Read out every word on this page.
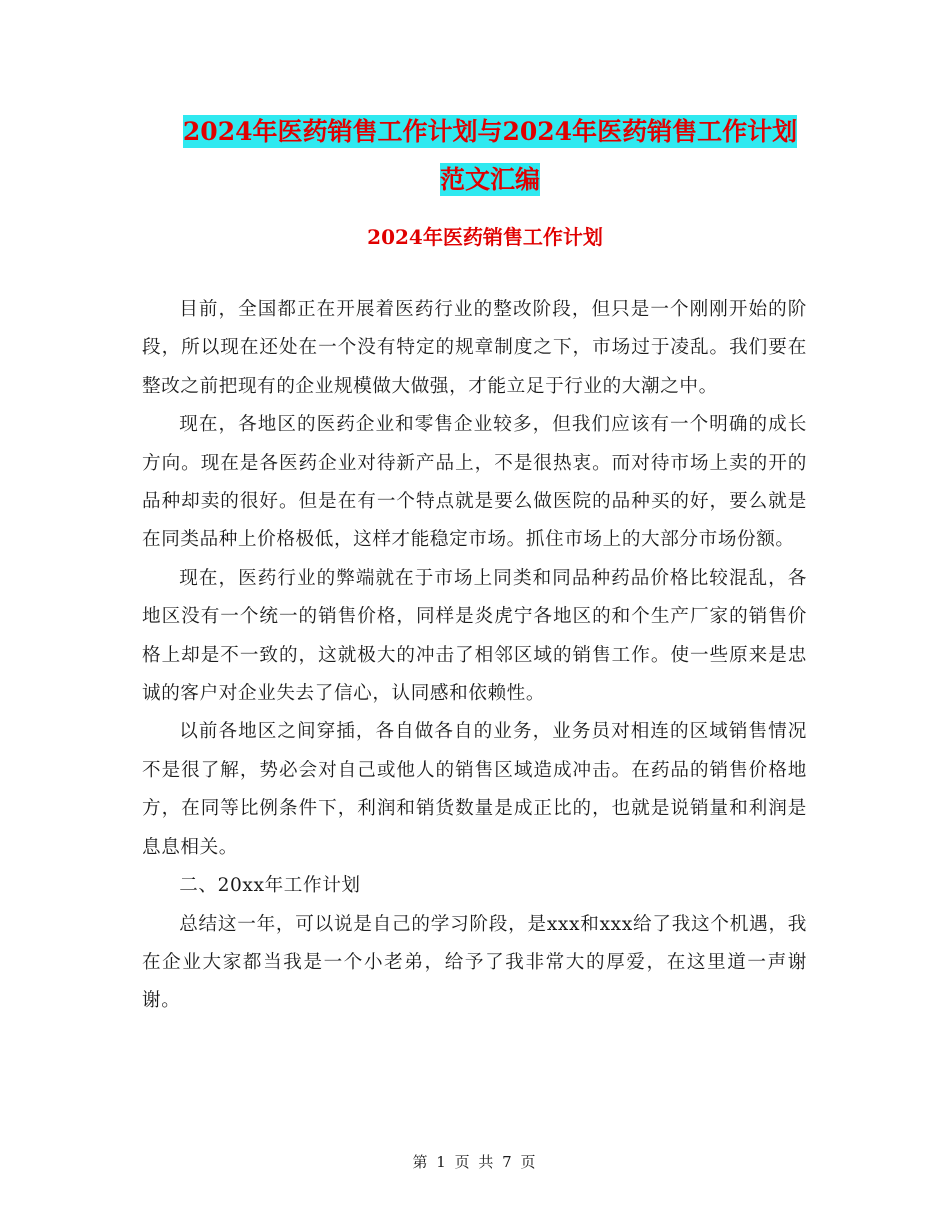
2024年医药销售工作计划与2024年医药销售工作计划
范文汇编
2024年医药销售工作计划

目前，全国都正在开展着医药行业的整改阶段，但只是一个刚刚开始的阶段，所以现在还处在一个没有特定的规章制度之下，市场过于凌乱。我们要在整改之前把现有的企业规模做大做强，才能立足于行业的大潮之中。

现在，各地区的医药企业和零售企业较多，但我们应该有一个明确的成长方向。现在是各医药企业对待新产品上，不是很热衷。而对待市场上卖的开的品种却卖的很好。但是在有一个特点就是要么做医院的品种买的好，要么就是在同类品种上价格极低，这样才能稳定市场。抓住市场上的大部分市场份额。

现在，医药行业的弊端就在于市场上同类和同品种药品价格比较混乱，各地区没有一个统一的销售价格，同样是炎虎宁各地区的和个生产厂家的销售价格上却是不一致的，这就极大的冲击了相邻区域的销售工作。使一些原来是忠诚的客户对企业失去了信心，认同感和依赖性。

以前各地区之间穿插，各自做各自的业务，业务员对相连的区域销售情况不是很了解，势必会对自己或他人的销售区域造成冲击。在药品的销售价格地方，在同等比例条件下，利润和销货数量是成正比的，也就是说销量和利润是息息相关。

二、20xx年工作计划

总结这一年，可以说是自己的学习阶段，是xxx和xxx给了我这个机遇，我在企业大家都当我是一个小老弟，给予了我非常大的厚爱，在这里道一声谢谢。

第 1 页 共 7 页
